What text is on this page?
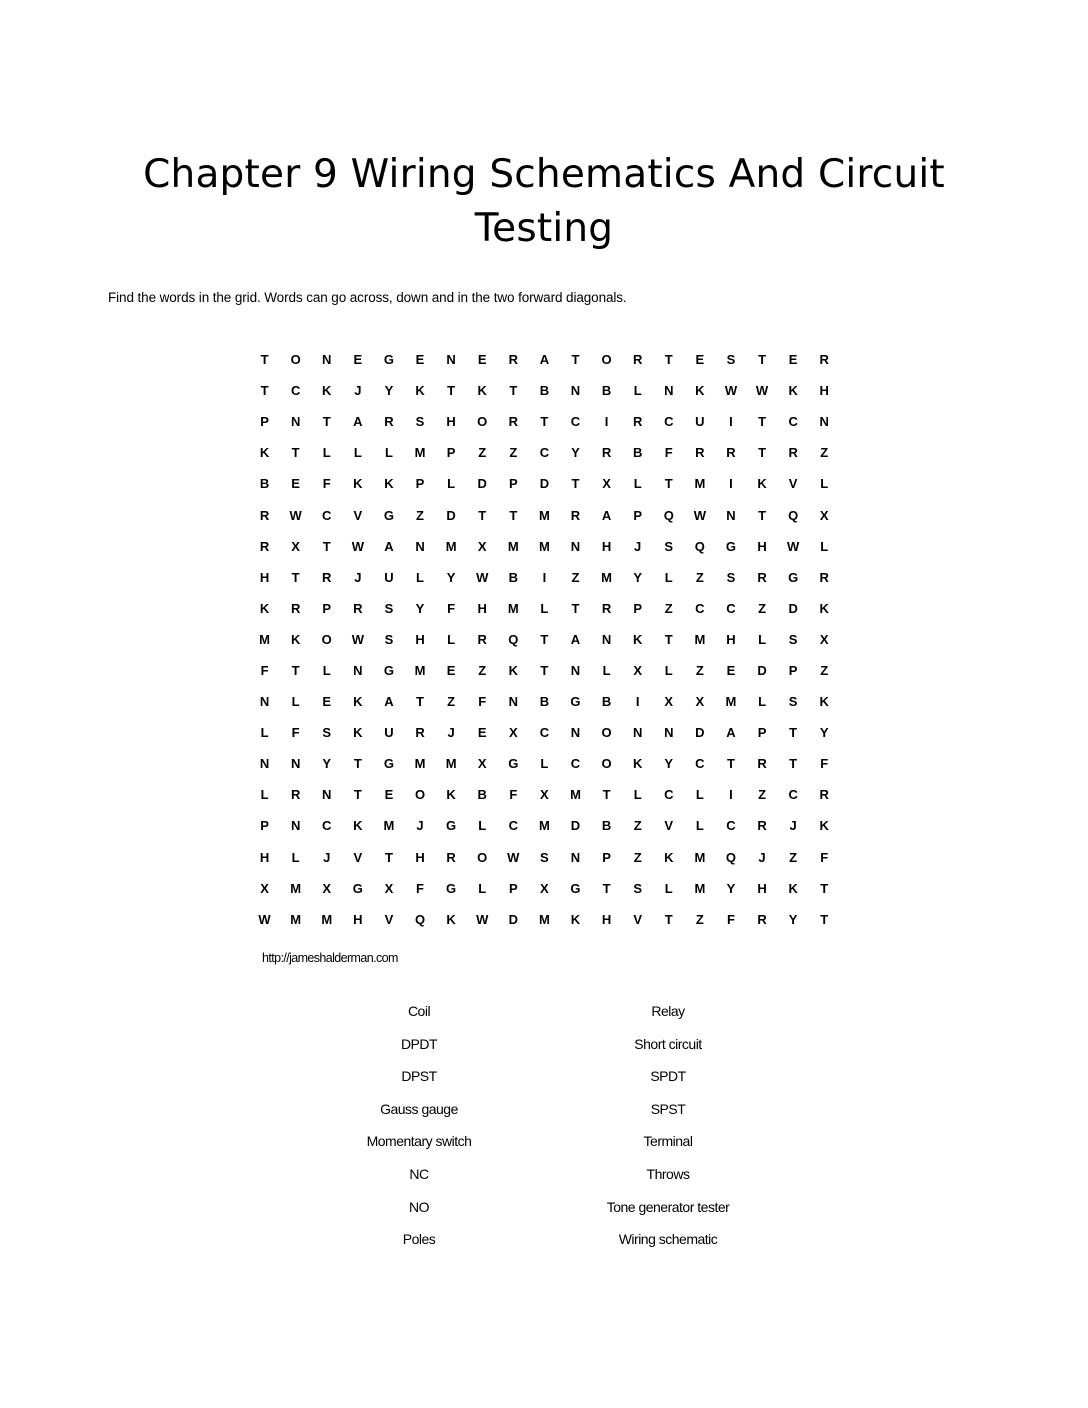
Chapter 9 Wiring Schematics And Circuit Testing

Find the words in the grid. Words can go across, down and in the two forward diagonals.

T	O	N	E	G	E	N	E	R	A	T	O	R	T	E	S	T	E	R
T	C	K	J	Y	K	T	K	T	B	N	B	L	N	K	W	W	K	H
P	N	T	A	R	S	H	O	R	T	C	I	R	C	U	I	T	C	N
K	T	L	L	L	M	P	Z	Z	C	Y	R	B	F	R	R	T	R	Z
B	E	F	K	K	P	L	D	P	D	T	X	L	T	M	I	K	V	L
R	W	C	V	G	Z	D	T	T	M	R	A	P	Q	W	N	T	Q	X
R	X	T	W	A	N	M	X	M	M	N	H	J	S	Q	G	H	W	L
H	T	R	J	U	L	Y	W	B	I	Z	M	Y	L	Z	S	R	G	R
K	R	P	R	S	Y	F	H	M	L	T	R	P	Z	C	C	Z	D	K
M	K	O	W	S	H	L	R	Q	T	A	N	K	T	M	H	L	S	X
F	T	L	N	G	M	E	Z	K	T	N	L	X	L	Z	E	D	P	Z
N	L	E	K	A	T	Z	F	N	B	G	B	I	X	X	M	L	S	K
L	F	S	K	U	R	J	E	X	C	N	O	N	N	D	A	P	T	Y
N	N	Y	T	G	M	M	X	G	L	C	O	K	Y	C	T	R	T	F
L	R	N	T	E	O	K	B	F	X	M	T	L	C	L	I	Z	C	R
P	N	C	K	M	J	G	L	C	M	D	B	Z	V	L	C	R	J	K
H	L	J	V	T	H	R	O	W	S	N	P	Z	K	M	Q	J	Z	F
X	M	X	G	X	F	G	L	P	X	G	T	S	L	M	Y	H	K	T
W	M	M	H	V	Q	K	W	D	M	K	H	V	T	Z	F	R	Y	T

http://jameshalderman.com

Coil
DPDT
DPST
Gauss gauge
Momentary switch
NC
NO
Poles
Relay
Short circuit
SPDT
SPST
Terminal
Throws
Tone generator tester
Wiring schematic
